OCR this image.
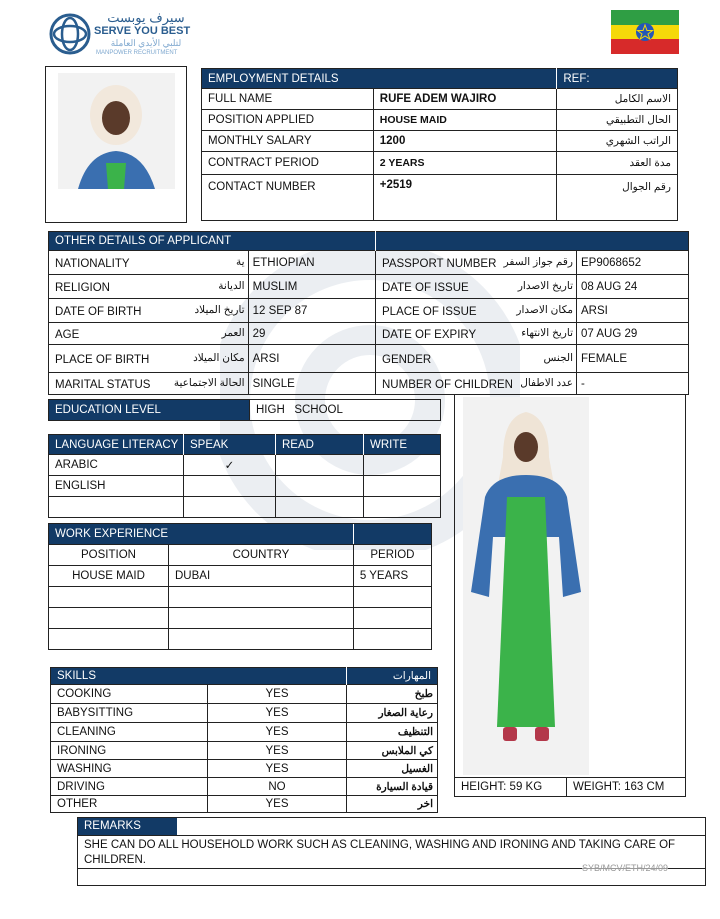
سيرف يوبست
SERVE YOU BEST
لتلبي الأيدي العاملة
MANPOWER RECRUITMENT
EMPLOYMENT DETAILS		REF:
FULL NAME	RUFE ADEM WAJIRO	الاسم الكامل
POSITION APPLIED	HOUSE MAID	الحال التطبيقي
MONTHLY SALARY	1200	الراتب الشهري
CONTRACT PERIOD	2 YEARS	مدة العقد
CONTACT NUMBER	+2519	رقم الجوال
OTHER DETAILS OF APPLICANT			
NATIONALITY ية	ETHIOPIAN	PASSPORT NUMBER رقم جواز السفر	EP9068652
RELIGION الديانة	MUSLIM	DATE OF ISSUE تاريخ الاصدار	08 AUG 24
DATE OF BIRTH تاريخ الميلاد	12 SEP 87	PLACE OF ISSUE مكان الاصدار	ARSI
AGE العمر	29	DATE OF EXPIRY تاريخ الانتهاء	07 AUG 29
PLACE OF BIRTH مكان الميلاد	ARSI	GENDER الجنس	FEMALE
MARITAL STATUS الحالة الاجتماعية	SINGLE	NUMBER OF CHILDREN عدد الاطفال	-
EDUCATION LEVEL	HIGH   SCHOOL
LANGUAGE LITERACY	SPEAK	READ	WRITE
ARABIC	✓		
ENGLISH			

WORK EXPERIENCE		
POSITION	COUNTRY	PERIOD
HOUSE MAID	DUBAI	5 YEARS

SKILLS		المهارات
COOKING	YES	طبخ
BABYSITTING	YES	رعاية الصغار
CLEANING	YES	التنظيف
IRONING	YES	كي الملابس
WASHING	YES	الغسيل
DRIVING	NO	قيادة السيارة
OTHER	YES	اخر
HEIGHT: 59 KG	WEIGHT: 163 CM
REMARKS
SHE CAN DO ALL HOUSEHOLD WORK SUCH AS CLEANING, WASHING AND IRONING AND TAKING CARE OF CHILDREN.
SYB/MCV/ETH/24/09
